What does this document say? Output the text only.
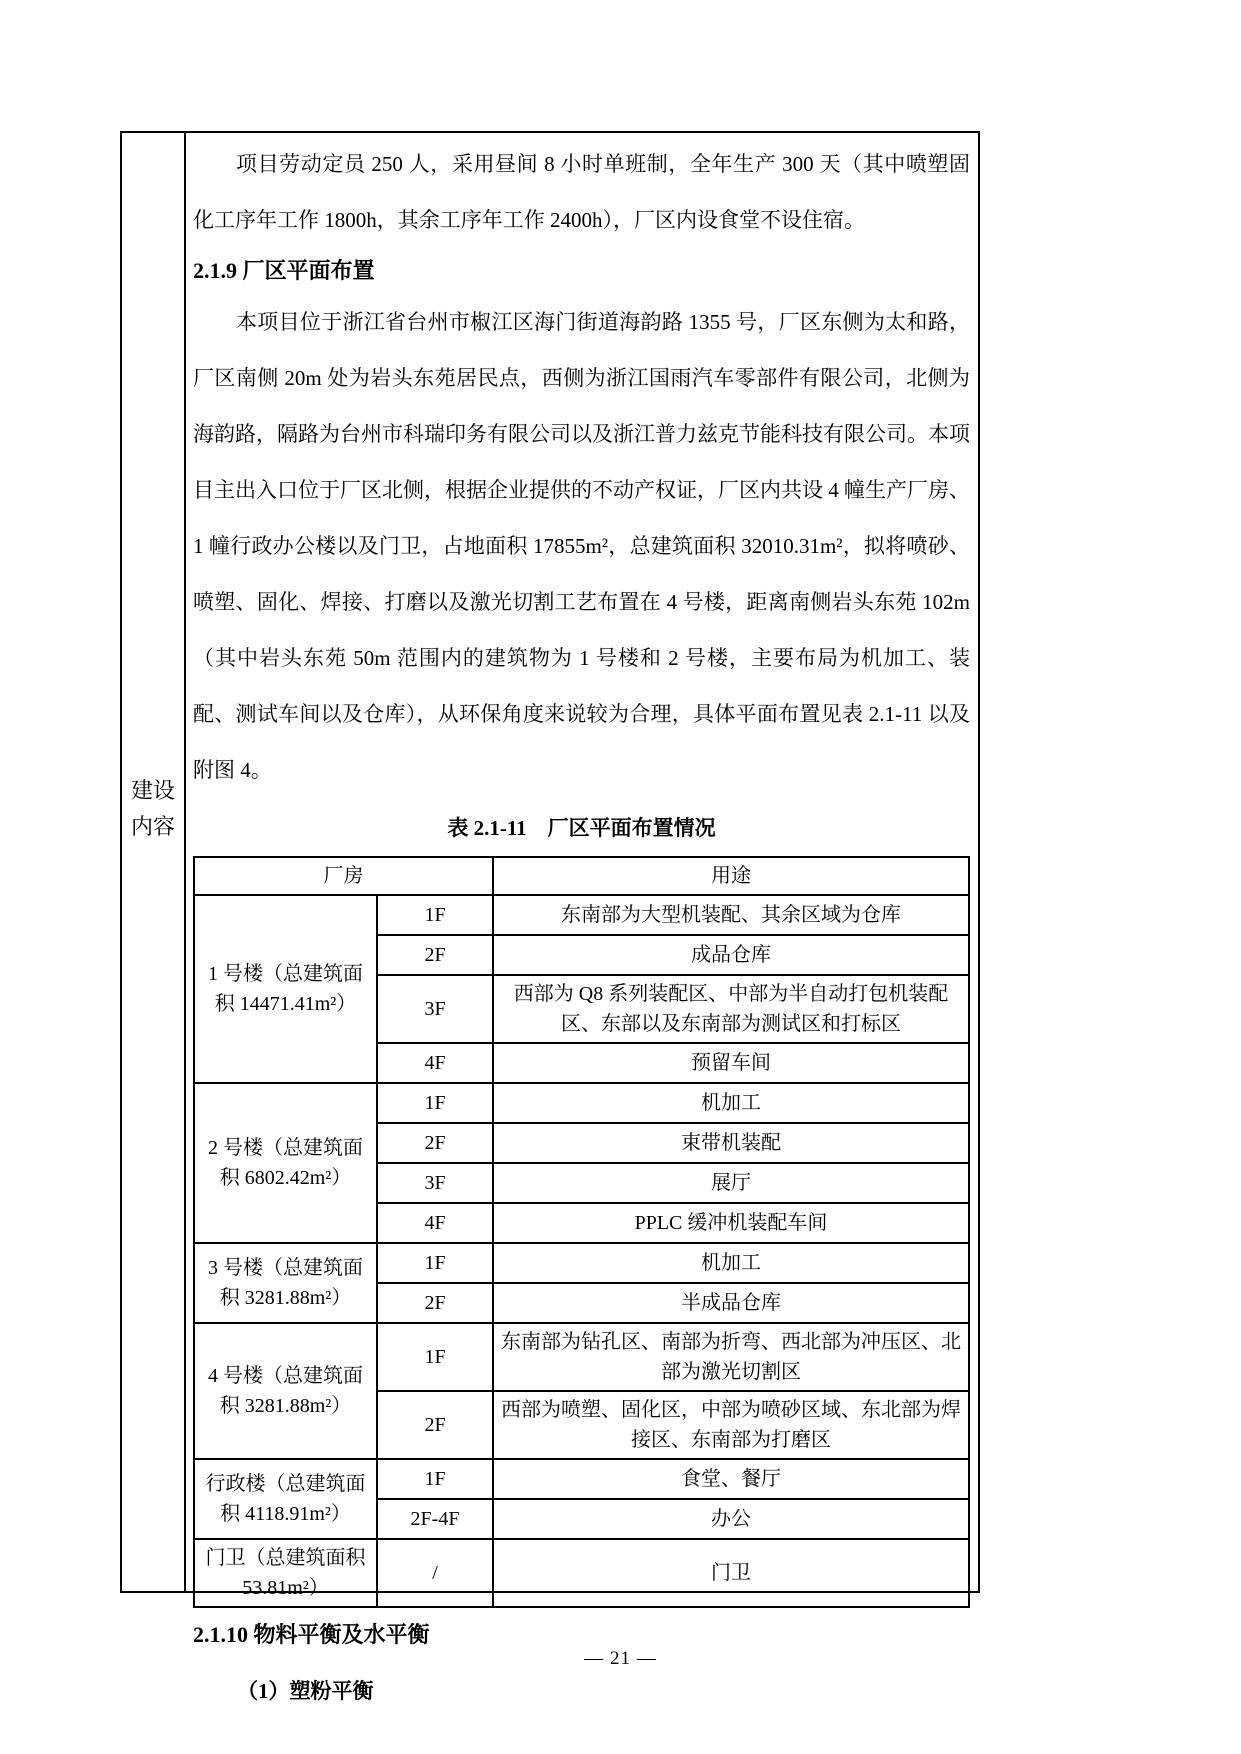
建设
内容

项目劳动定员 250 人，采用昼间 8 小时单班制，全年生产 300 天（其中喷塑固化工序年工作 1800h，其余工序年工作 2400h），厂区内设食堂不设住宿。

2.1.9 厂区平面布置

本项目位于浙江省台州市椒江区海门街道海韵路 1355 号，厂区东侧为太和路，厂区南侧 20m 处为岩头东苑居民点，西侧为浙江国雨汽车零部件有限公司，北侧为海韵路，隔路为台州市科瑞印务有限公司以及浙江普力兹克节能科技有限公司。本项目主出入口位于厂区北侧，根据企业提供的不动产权证，厂区内共设 4 幢生产厂房、1 幢行政办公楼以及门卫，占地面积 17855m²，总建筑面积 32010.31m²，拟将喷砂、喷塑、固化、焊接、打磨以及激光切割工艺布置在 4 号楼，距离南侧岩头东苑 102m（其中岩头东苑 50m 范围内的建筑物为 1 号楼和 2 号楼，主要布局为机加工、装配、测试车间以及仓库），从环保角度来说较为合理，具体平面布置见表 2.1-11 以及附图 4。

表 2.1-11　厂区平面布置情况

厂房		用途
1 号楼（总建筑面积 14471.41m²）	1F	东南部为大型机装配、其余区域为仓库
	2F	成品仓库
	3F	西部为 Q8 系列装配区、中部为半自动打包机装配区、东部以及东南部为测试区和打标区
	4F	预留车间
2 号楼（总建筑面积 6802.42m²）	1F	机加工
	2F	束带机装配
	3F	展厅
	4F	PPLC 缓冲机装配车间
3 号楼（总建筑面积 3281.88m²）	1F	机加工
	2F	半成品仓库
4 号楼（总建筑面积 3281.88m²）	1F	东南部为钻孔区、南部为折弯、西北部为冲压区、北部为激光切割区
	2F	西部为喷塑、固化区，中部为喷砂区域、东北部为焊接区、东南部为打磨区
行政楼（总建筑面积 4118.91m²）	1F	食堂、餐厅
	2F-4F	办公
门卫（总建筑面积 53.81m²）	/	门卫
2.1.10 物料平衡及水平衡

（1）塑粉平衡

— 21 —
